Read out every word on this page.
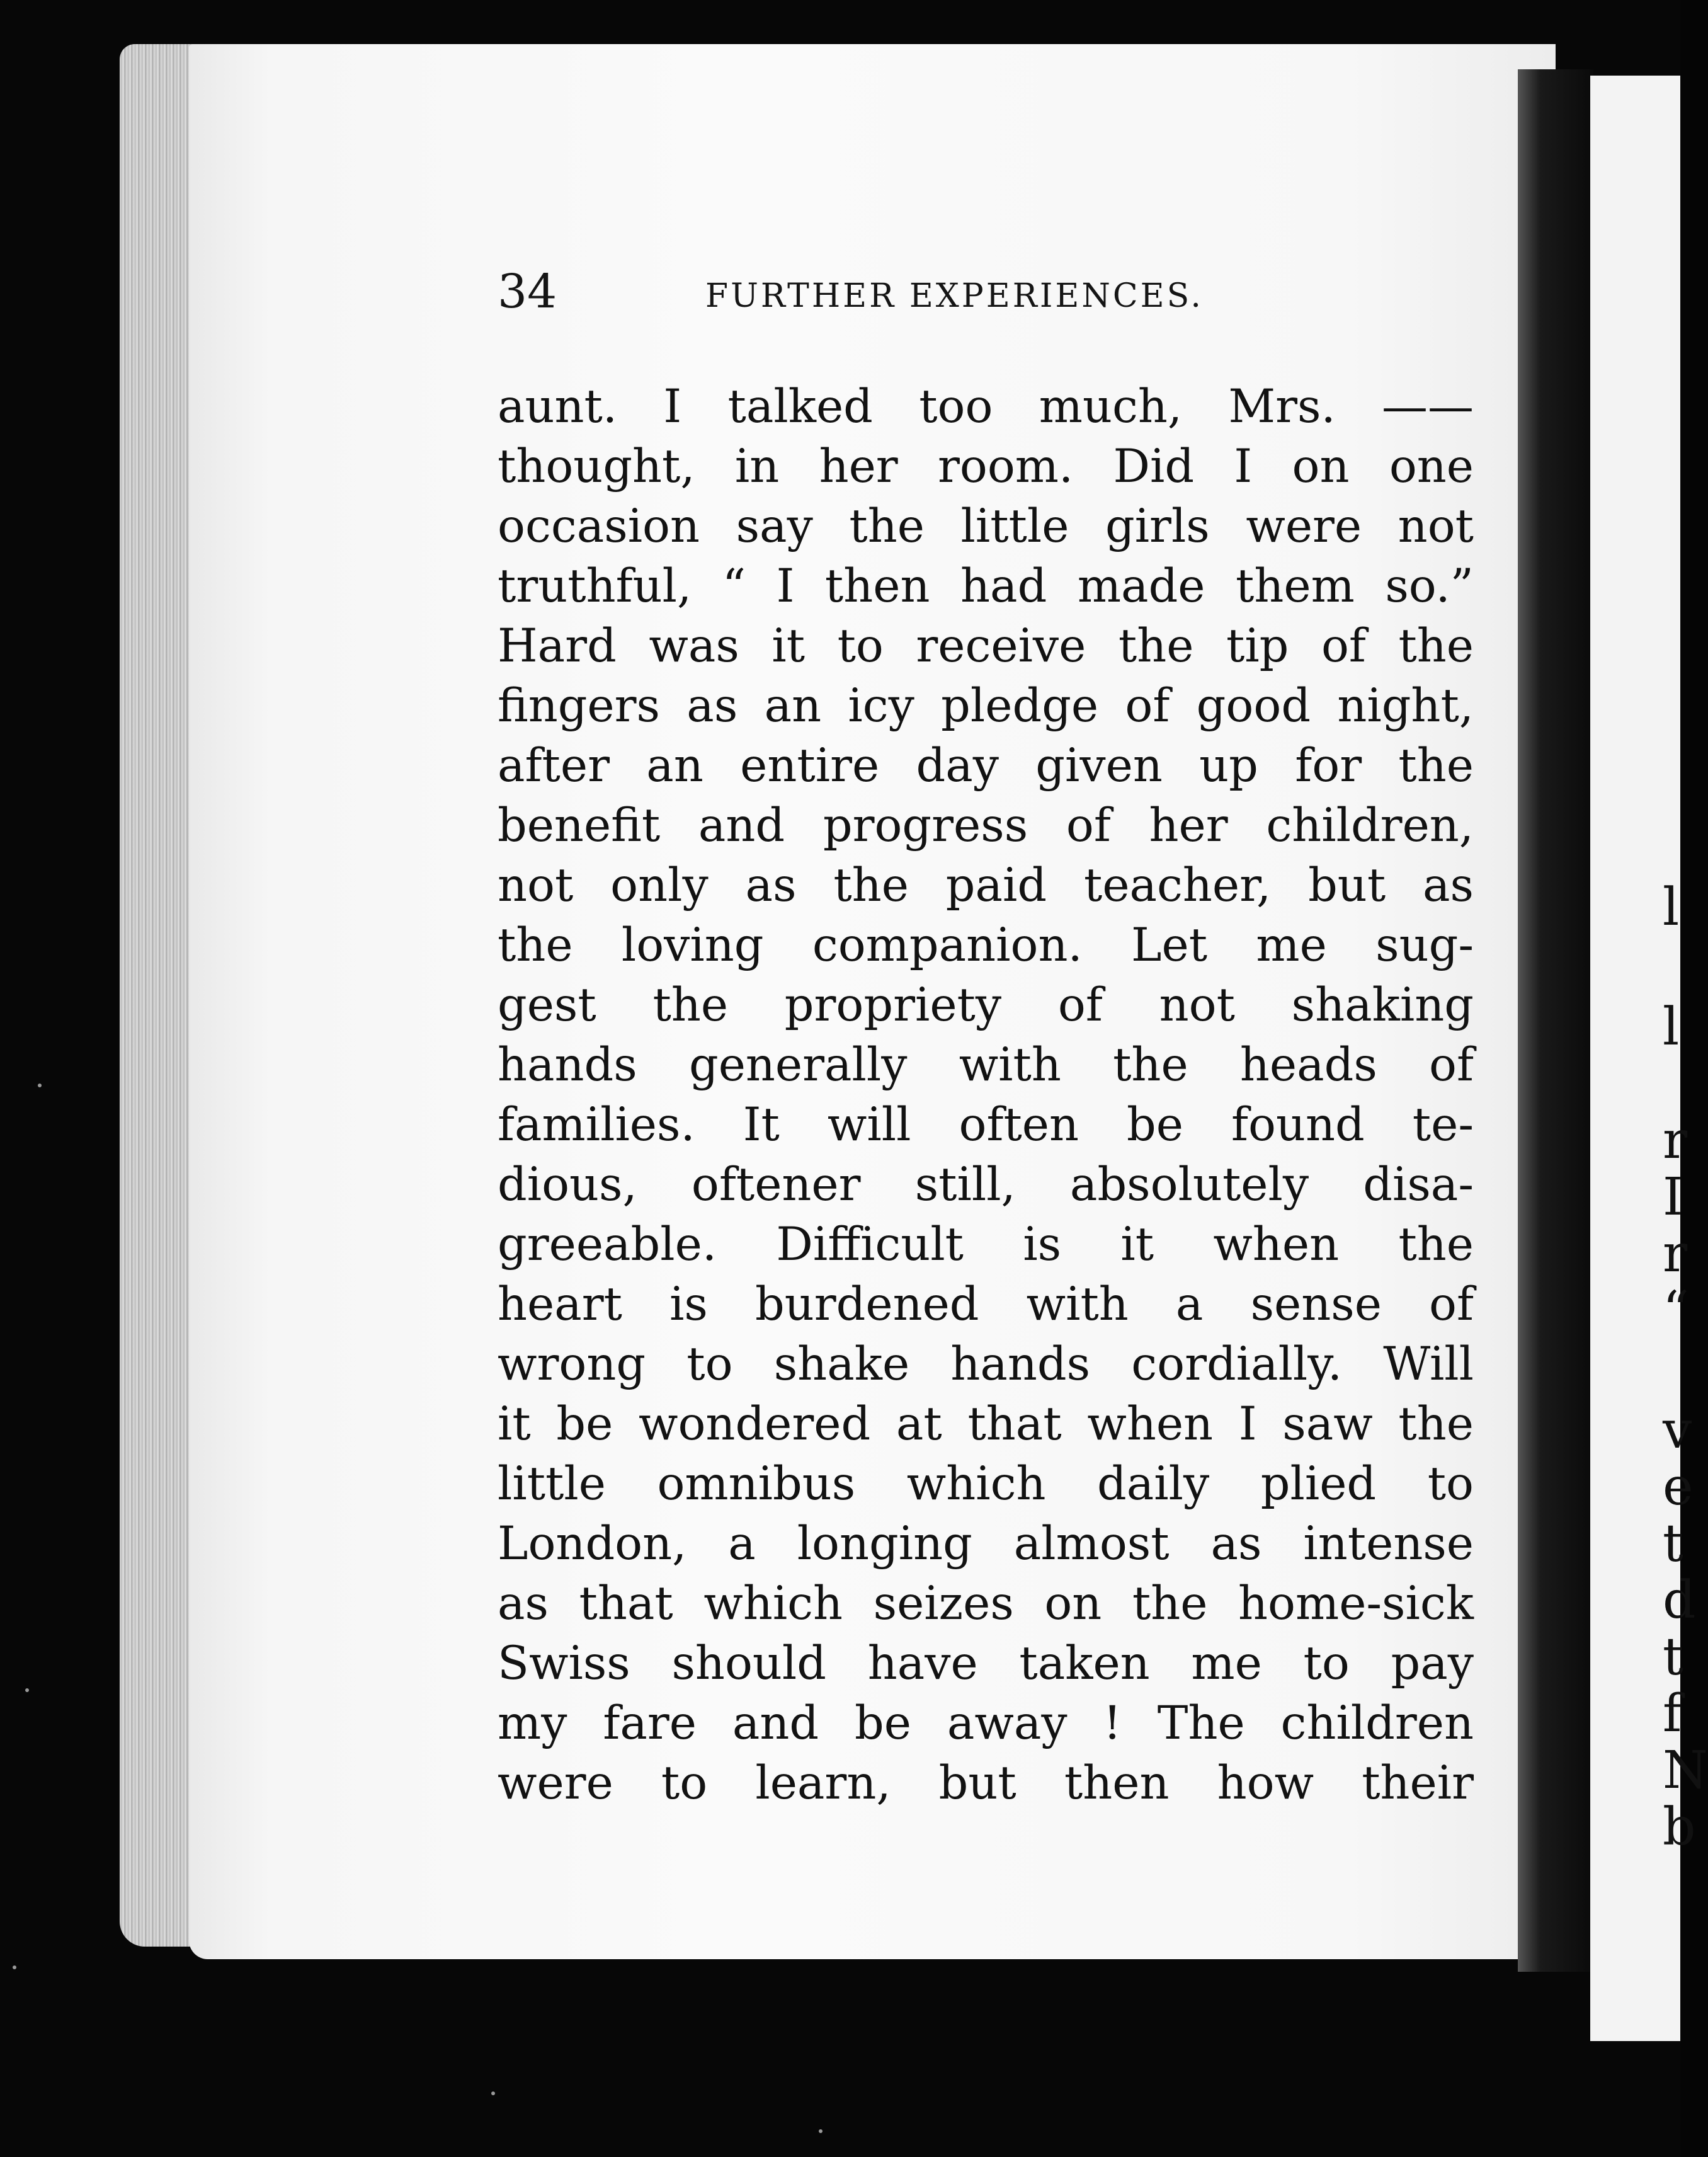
l
l
r
I
r
“
v
e
t
d
t
f
N
b
34	FURTHER EXPERIENCES.
aunt. I talked too much, Mrs. ——
thought, in her room. Did I on one
occasion say the little girls were not
truthful, “ I then had made them so.”
Hard was it to receive the tip of the
fingers as an icy pledge of good night,
after an entire day given up for the
benefit and progress of her children,
not only as the paid teacher, but as
the loving companion. Let me sug-
gest the propriety of not shaking
hands generally with the heads of
families. It will often be found te-
dious, oftener still, absolutely disa-
greeable. Difficult is it when the
heart is burdened with a sense of
wrong to shake hands cordially. Will
it be wondered at that when I saw the
little omnibus which daily plied to
London, a longing almost as intense
as that which seizes on the home-sick
Swiss should have taken me to pay
my fare and be away ! The children
were to learn, but then how their
